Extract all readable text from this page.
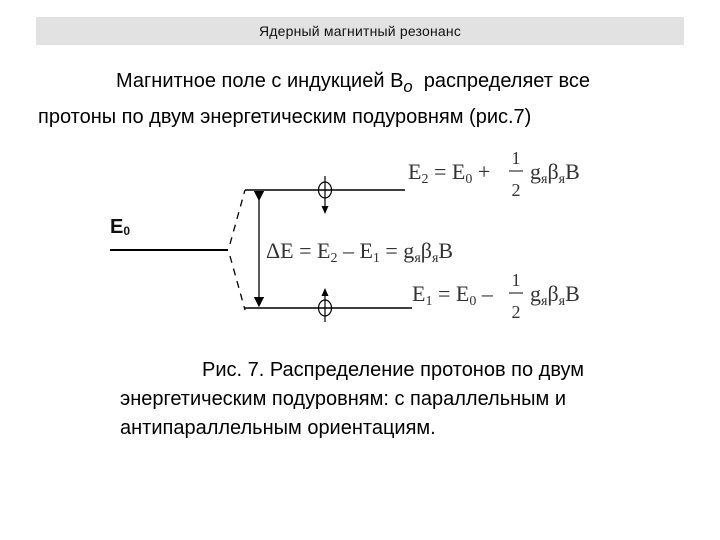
Ядерный магнитный резонанс
Магнитное поле с индукцией $B_o$  распределяет все
протоны по двум энергетическим подуровням (рис.7)
E0
E2 = E0 +
1
2
gяβяB
ΔE = E2 – E1 = gяβяB
E1 = E0 –
1
2
gяβяB
Рис. 7. Распределение протонов по двум
энергетическим подуровням: с параллельным и
антипараллельным ориентациям.
